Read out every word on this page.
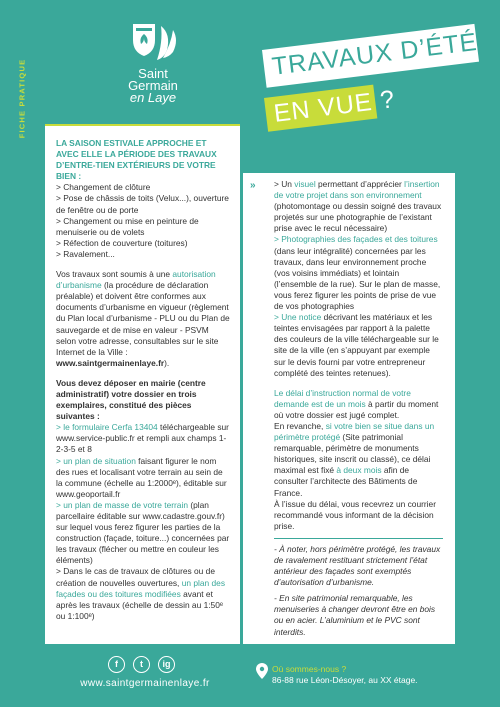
FICHE PRATIQUE	Saint
Germain
en Laye
TRAVAUX D’ÉTÉ
EN VUE ?

LA SAISON ESTIVALE APPROCHE ET AVEC ELLE LA PÉRIODE DES TRAVAUX D’ENTRE-TIEN EXTÉRIEURS DE VOTRE BIEN :

> Changement de clôture

> Pose de châssis de toits (Velux...), ouverture de fenêtre ou de porte

> Changement ou mise en peinture de menuiserie ou de volets

> Réfection de couverture (toitures)

> Ravalement...

Vos travaux sont soumis à une autorisation d’urbanisme (la procédure de déclaration préalable) et doivent être conformes aux documents d’urbanisme en vigueur (règlement du Plan local d’urbanisme - PLU ou du Plan de sauvegarde et de mise en valeur - PSVM selon votre adresse, consultables sur le site Internet de la Ville : www.saintgermainenlaye.fr).

Vous devez déposer en mairie (centre administratif) votre dossier en trois exemplaires, constitué des pièces suivantes :

> le formulaire Cerfa 13404 téléchargeable sur www.service-public.fr et rempli aux champs 1-2-3-5 et 8

> un plan de situation faisant figurer le nom des rues et localisant votre terrain au sein de la commune (échelle au 1:2000ᵉ), éditable sur www.geoportail.fr

> un plan de masse de votre terrain (plan parcellaire éditable sur www.cadastre.gouv.fr) sur lequel vous ferez figurer les parties de la construction (façade, toiture...) concernées par les travaux (flécher ou mettre en couleur les éléments)

> Dans le cas de travaux de clôtures ou de création de nouvelles ouvertures, un plan des façades ou des toitures modifiées avant et après les travaux (échelle de dessin au 1:50ᵉ ou 1:100ᵉ)

» > Un visuel permettant d’apprécier l’insertion de votre projet dans son environnement (photomontage ou dessin soigné des travaux projetés sur une photographie de l’existant prise avec le recul nécessaire)

> Photographies des façades et des toitures (dans leur intégralité) concernées par les travaux, dans leur environnement proche (vos voisins immédiats) et lointain (l’ensemble de la rue). Sur le plan de masse, vous ferez figurer les points de prise de vue de vos photographies

> Une notice décrivant les matériaux et les teintes envisagées par rapport à la palette des couleurs de la ville téléchargeable sur le site de la ville (en s’appuyant par exemple sur le devis fourni par votre entrepreneur complété des teintes retenues).

Le délai d’instruction normal de votre demande est de un mois à partir du moment où votre dossier est jugé complet.

En revanche, si votre bien se situe dans un périmètre protégé (Site patrimonial remarquable, périmètre de monuments historiques, site inscrit ou classé), ce délai maximal est fixé à deux mois afin de consulter l’architecte des Bâtiments de France.

À l’issue du délai, vous recevrez un courrier recommandé vous informant de la décision prise.

- À noter, hors périmètre protégé, les travaux de ravalement restituant strictement l’état antérieur des façades sont exemptés d’autorisation d’urbanisme.

- En site patrimonial remarquable, les menuiseries à changer devront être en bois ou en acier. L’aluminium et le PVC sont interdits.

f	t	ig
www.saintgermainenlaye.fr
Où sommes-nous ?
86-88 rue Léon-Désoyer, au XX étage.
